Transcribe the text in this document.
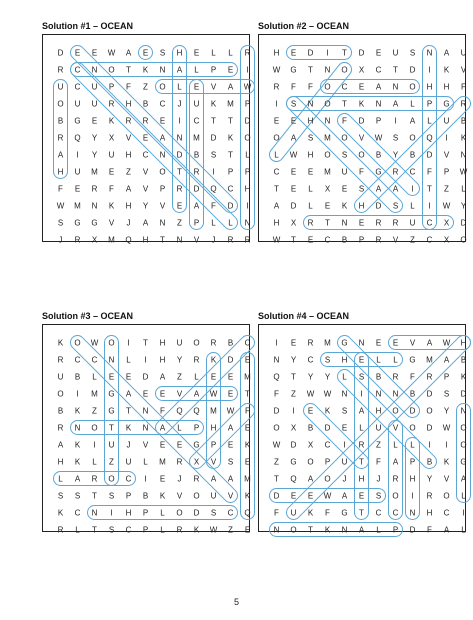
Solution #1 – OCEAN
D E E W A E S H E L L R
R C N O T K N A L P E I
U C U P F Z O L E V A W
O U U R H B C J U K M P
B G E K R R E I C T T D
R Q Y X V E A N M D K O
A I Y U H C N D B S T L
H U M E Z V O T R I P P
F E R F A V P R D Q C H
W M N K H Y V E A F D I
S G G V J A N Z P L L N
J R X M Q H T N V J R R
Solution #2 – OCEAN
H E D I T D E U S N A U
W G T N O X C T D I K V
R F F O C E A N O H H F
I S N O T K N A L P G R
E E H N F D P I A L U B
O A S M O V W S O Q I K
L W H O S O B Y B D V N
C E E M U F G R C F P W
T E L X E S A A I T Z L
A D L E K H D S L I W Y
H X R T N E R R U C X D
W T E C B P R V Z C X O
Solution #3 – OCEAN
K O W O I T H U O R B C
R C C N L I H Y R K D E
U B L E E D A Z L E E M
O I M G A E E V A W E T
B K Z G T N F Q Q M W F
R N O T K N A L P H A E
A K I U J V E E G P E K
H K L Z U L M R X V S E
L A R O C I E J R A A M
S S T S P B K V O U V K
K C N I H P L O D S C Q
R L T S C P L R K W Z E
Solution #4 – OCEAN
I E R M G N E E V A W H
N Y C S H E L L G M A B
Q T Y Y L S B R F R P K
F Z W W N I N N B D S D
D I E K S A H O D O Y N
O X B D E L U V O D W O
W D X C I R Z L L I I O
Z G O P U T F A P B K G
T Q A O J H J R H Y V A
D E E W A E S O I R O L
F U K F G T C C N H C I
N O T K N A L P D F A L
5
